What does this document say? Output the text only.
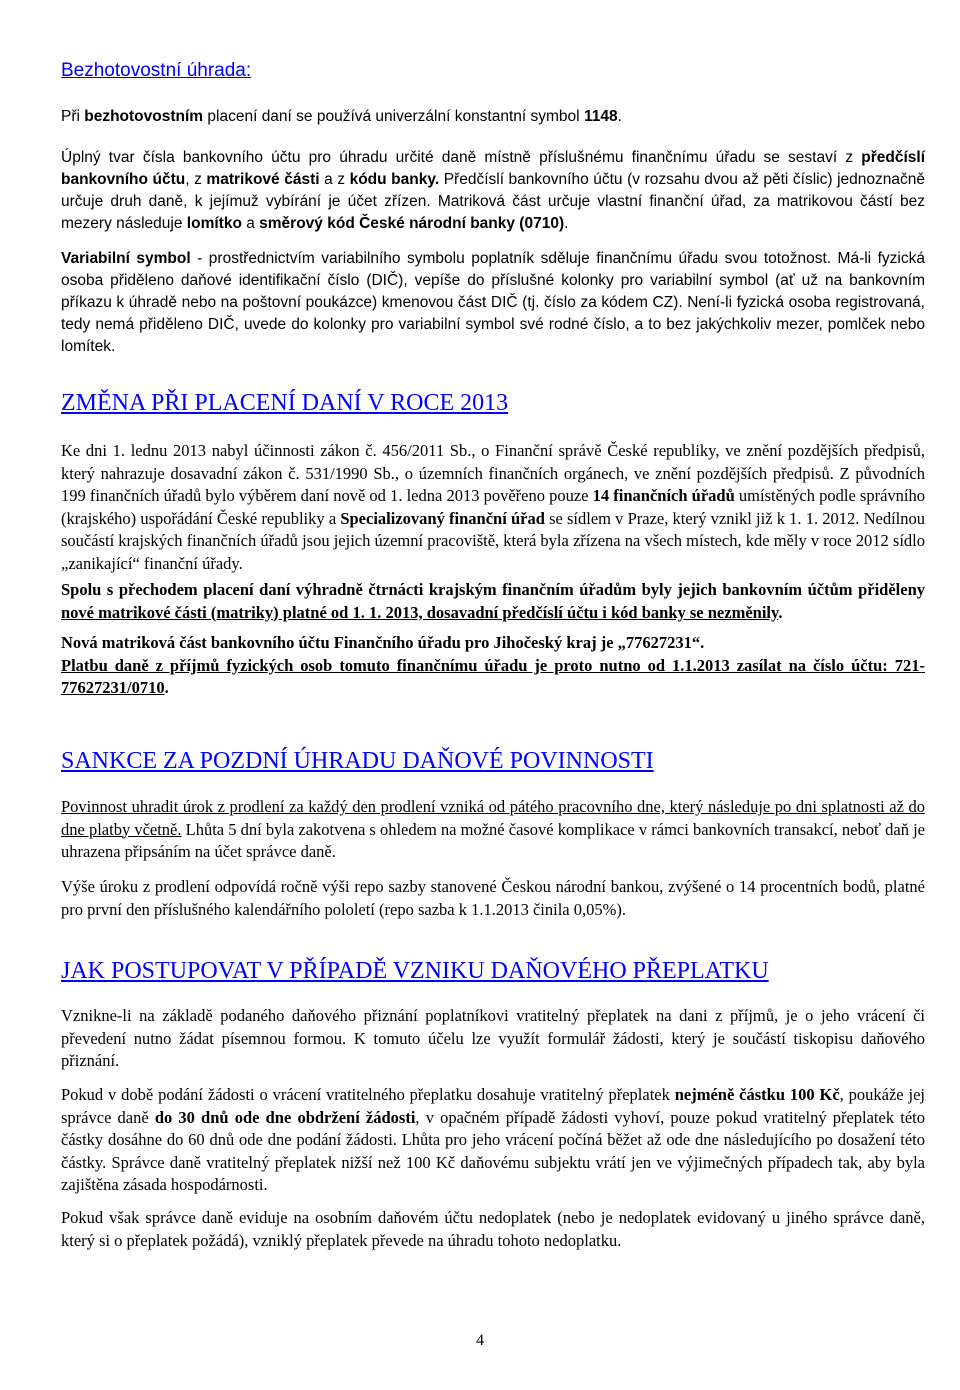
Bezhotovostní úhrada:

Při bezhotovostním placení daní se používá univerzální konstantní symbol 1148.

Úplný tvar čísla bankovního účtu pro úhradu určité daně místně příslušnému finančnímu úřadu se sestaví z předčíslí bankovního účtu, z matrikové části a z kódu banky. Předčíslí bankovního účtu (v rozsahu dvou až pěti číslic) jednoznačně určuje druh daně, k jejímuž vybírání je účet zřízen. Matriková část určuje vlastní finanční úřad, za matrikovou částí bez mezery následuje lomítko a směrový kód České národní banky (0710).

Variabilní symbol - prostřednictvím variabilního symbolu poplatník sděluje finančnímu úřadu svou totožnost. Má-li fyzická osoba přiděleno daňové identifikační číslo (DIČ), vepíše do příslušné kolonky pro variabilní symbol (ať už na bankovním příkazu k úhradě nebo na poštovní poukázce) kmenovou část DIČ (tj. číslo za kódem CZ). Není-li fyzická osoba registrovaná, tedy nemá přiděleno DIČ, uvede do kolonky pro variabilní symbol své rodné číslo, a to bez jakýchkoliv mezer, pomlček nebo lomítek.

ZMĚNA PŘI PLACENÍ DANÍ V ROCE 2013

Ke dni 1. lednu 2013 nabyl účinnosti zákon č. 456/2011 Sb., o Finanční správě České republiky, ve znění pozdějších předpisů, který nahrazuje dosavadní zákon č. 531/1990 Sb., o územních finančních orgánech, ve znění pozdějších předpisů. Z původních 199 finančních úřadů bylo výběrem daní nově od 1. ledna 2013 pověřeno pouze 14 finančních úřadů umístěných podle správního (krajského) uspořádání České republiky a Specializovaný finanční úřad se sídlem v Praze, který vznikl již k 1. 1. 2012. Nedílnou součástí krajských finančních úřadů jsou jejich územní pracoviště, která byla zřízena na všech místech, kde měly v roce 2012 sídlo „zanikající“ finanční úřady.

Spolu s přechodem placení daní výhradně čtrnácti krajským finančním úřadům byly jejich bankovním účtům přiděleny nové matrikové části (matriky) platné od 1. 1. 2013, dosavadní předčíslí účtu i kód banky se nezměnily.

Nová matriková část bankovního účtu Finančního úřadu pro Jihočeský kraj je „77627231“.
Platbu daně z příjmů fyzických osob tomuto finančnímu úřadu je proto nutno od 1.1.2013 zasílat na číslo účtu: 721-77627231/0710.

SANKCE ZA POZDNÍ ÚHRADU DAŇOVÉ POVINNOSTI

Povinnost uhradit úrok z prodlení za každý den prodlení vzniká od pátého pracovního dne, který následuje po dni splatnosti až do dne platby včetně. Lhůta 5 dní byla zakotvena s ohledem na možné časové komplikace v rámci bankovních transakcí, neboť daň je uhrazena připsáním na účet správce daně.

Výše úroku z prodlení odpovídá ročně výši repo sazby stanovené Českou národní bankou, zvýšené o 14 procentních bodů, platné pro první den příslušného kalendářního pololetí (repo sazba k 1.1.2013 činila 0,05%).

JAK POSTUPOVAT V PŘÍPADĚ VZNIKU DAŇOVÉHO PŘEPLATKU

Vznikne-li na základě podaného daňového přiznání poplatníkovi vratitelný přeplatek na dani z příjmů, je o jeho vrácení či převedení nutno žádat písemnou formou. K tomuto účelu lze využít formulář žádosti, který je součástí tiskopisu daňového přiznání.

Pokud v době podání žádosti o vrácení vratitelného přeplatku dosahuje vratitelný přeplatek nejméně částku 100 Kč, poukáže jej správce daně do 30 dnů ode dne obdržení žádosti, v opačném případě žádosti vyhoví, pouze pokud vratitelný přeplatek této částky dosáhne do 60 dnů ode dne podání žádosti. Lhůta pro jeho vrácení počíná běžet až ode dne následujícího po dosažení této částky. Správce daně vratitelný přeplatek nižší než 100 Kč daňovému subjektu vrátí jen ve výjimečných případech tak, aby byla zajištěna zásada hospodárnosti.

Pokud však správce daně eviduje na osobním daňovém účtu nedoplatek (nebo je nedoplatek evidovaný u jiného správce daně, který si o přeplatek požádá), vzniklý přeplatek převede na úhradu tohoto nedoplatku.

4
